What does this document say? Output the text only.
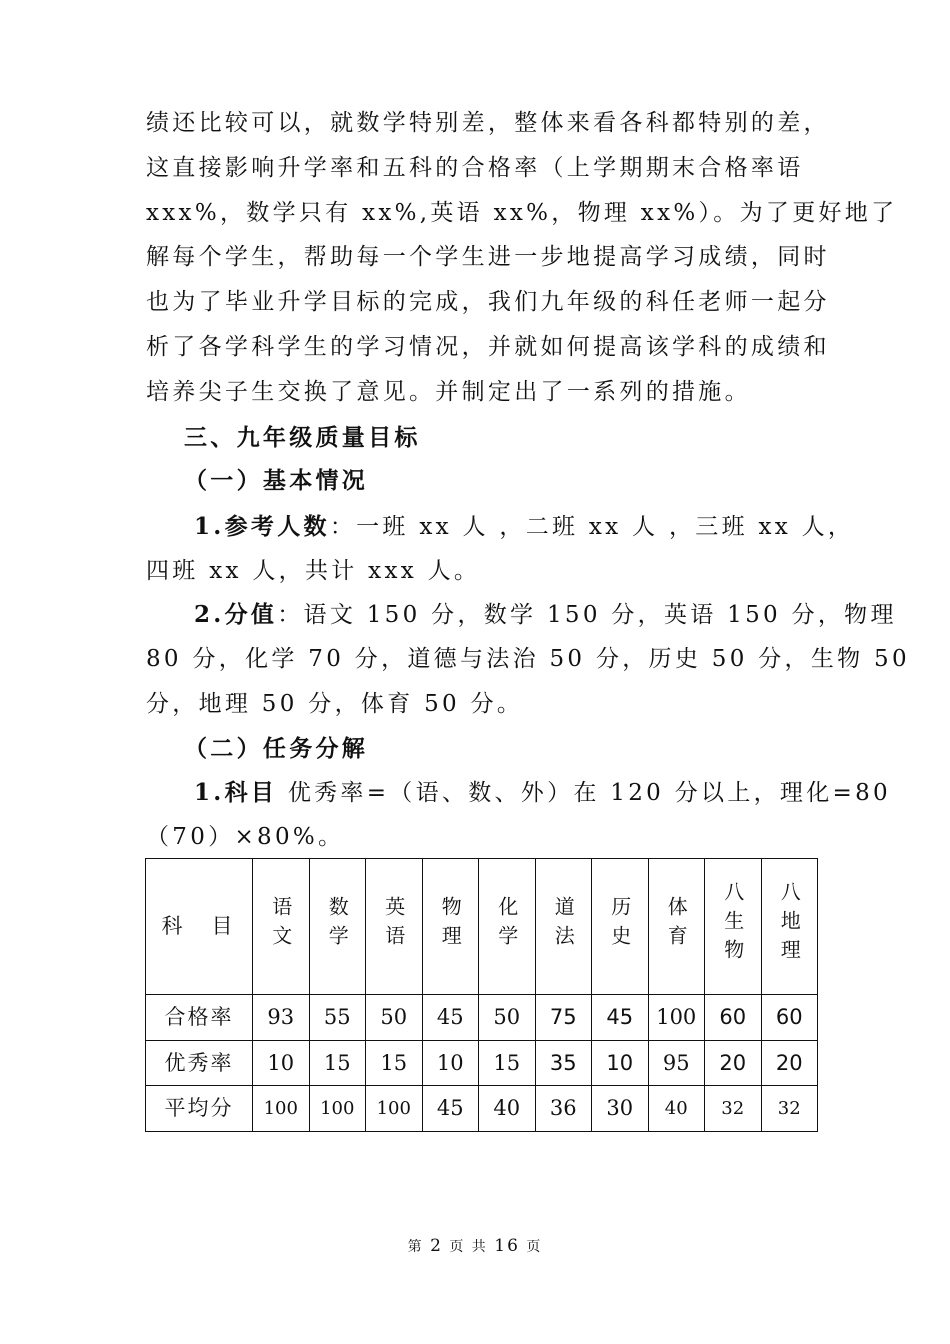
绩还比较可以，就数学特别差，整体来看各科都特别的差，
这直接影响升学率和五科的合格率（上学期期末合格率语
xxx%，数学只有 xx%,英语 xx%，物理 xx%）。为了更好地了
解每个学生，帮助每一个学生进一步地提高学习成绩，同时
也为了毕业升学目标的完成，我们九年级的科任老师一起分
析了各学科学生的学习情况，并就如何提高该学科的成绩和
培养尖子生交换了意见。并制定出了一系列的措施。
三、九年级质量目标
（一）基本情况
1.参考人数：一班 xx 人 ，二班 xx 人 ，三班 xx 人，
四班 xx 人，共计 xxx 人。
2.分值：语文 150 分，数学 150 分，英语 150 分，物理
80 分，化学 70 分，道德与法治 50 分，历史 50 分，生物 50
分，地理 50 分，体育 50 分。
（二）任务分解
1.科目 优秀率=（语、数、外）在 120 分以上，理化=80
（70）×80%。
科　目	语文	数学	英语	物理	化学	道法	历史	体育	八生物	八地理
合格率	93	55	50	45	50	75	45	100	60	60
优秀率	10	15	15	10	15	35	10	95	20	20
平均分	100	100	100	45	40	36	30	40	32	32
第 2 页 共 16 页
